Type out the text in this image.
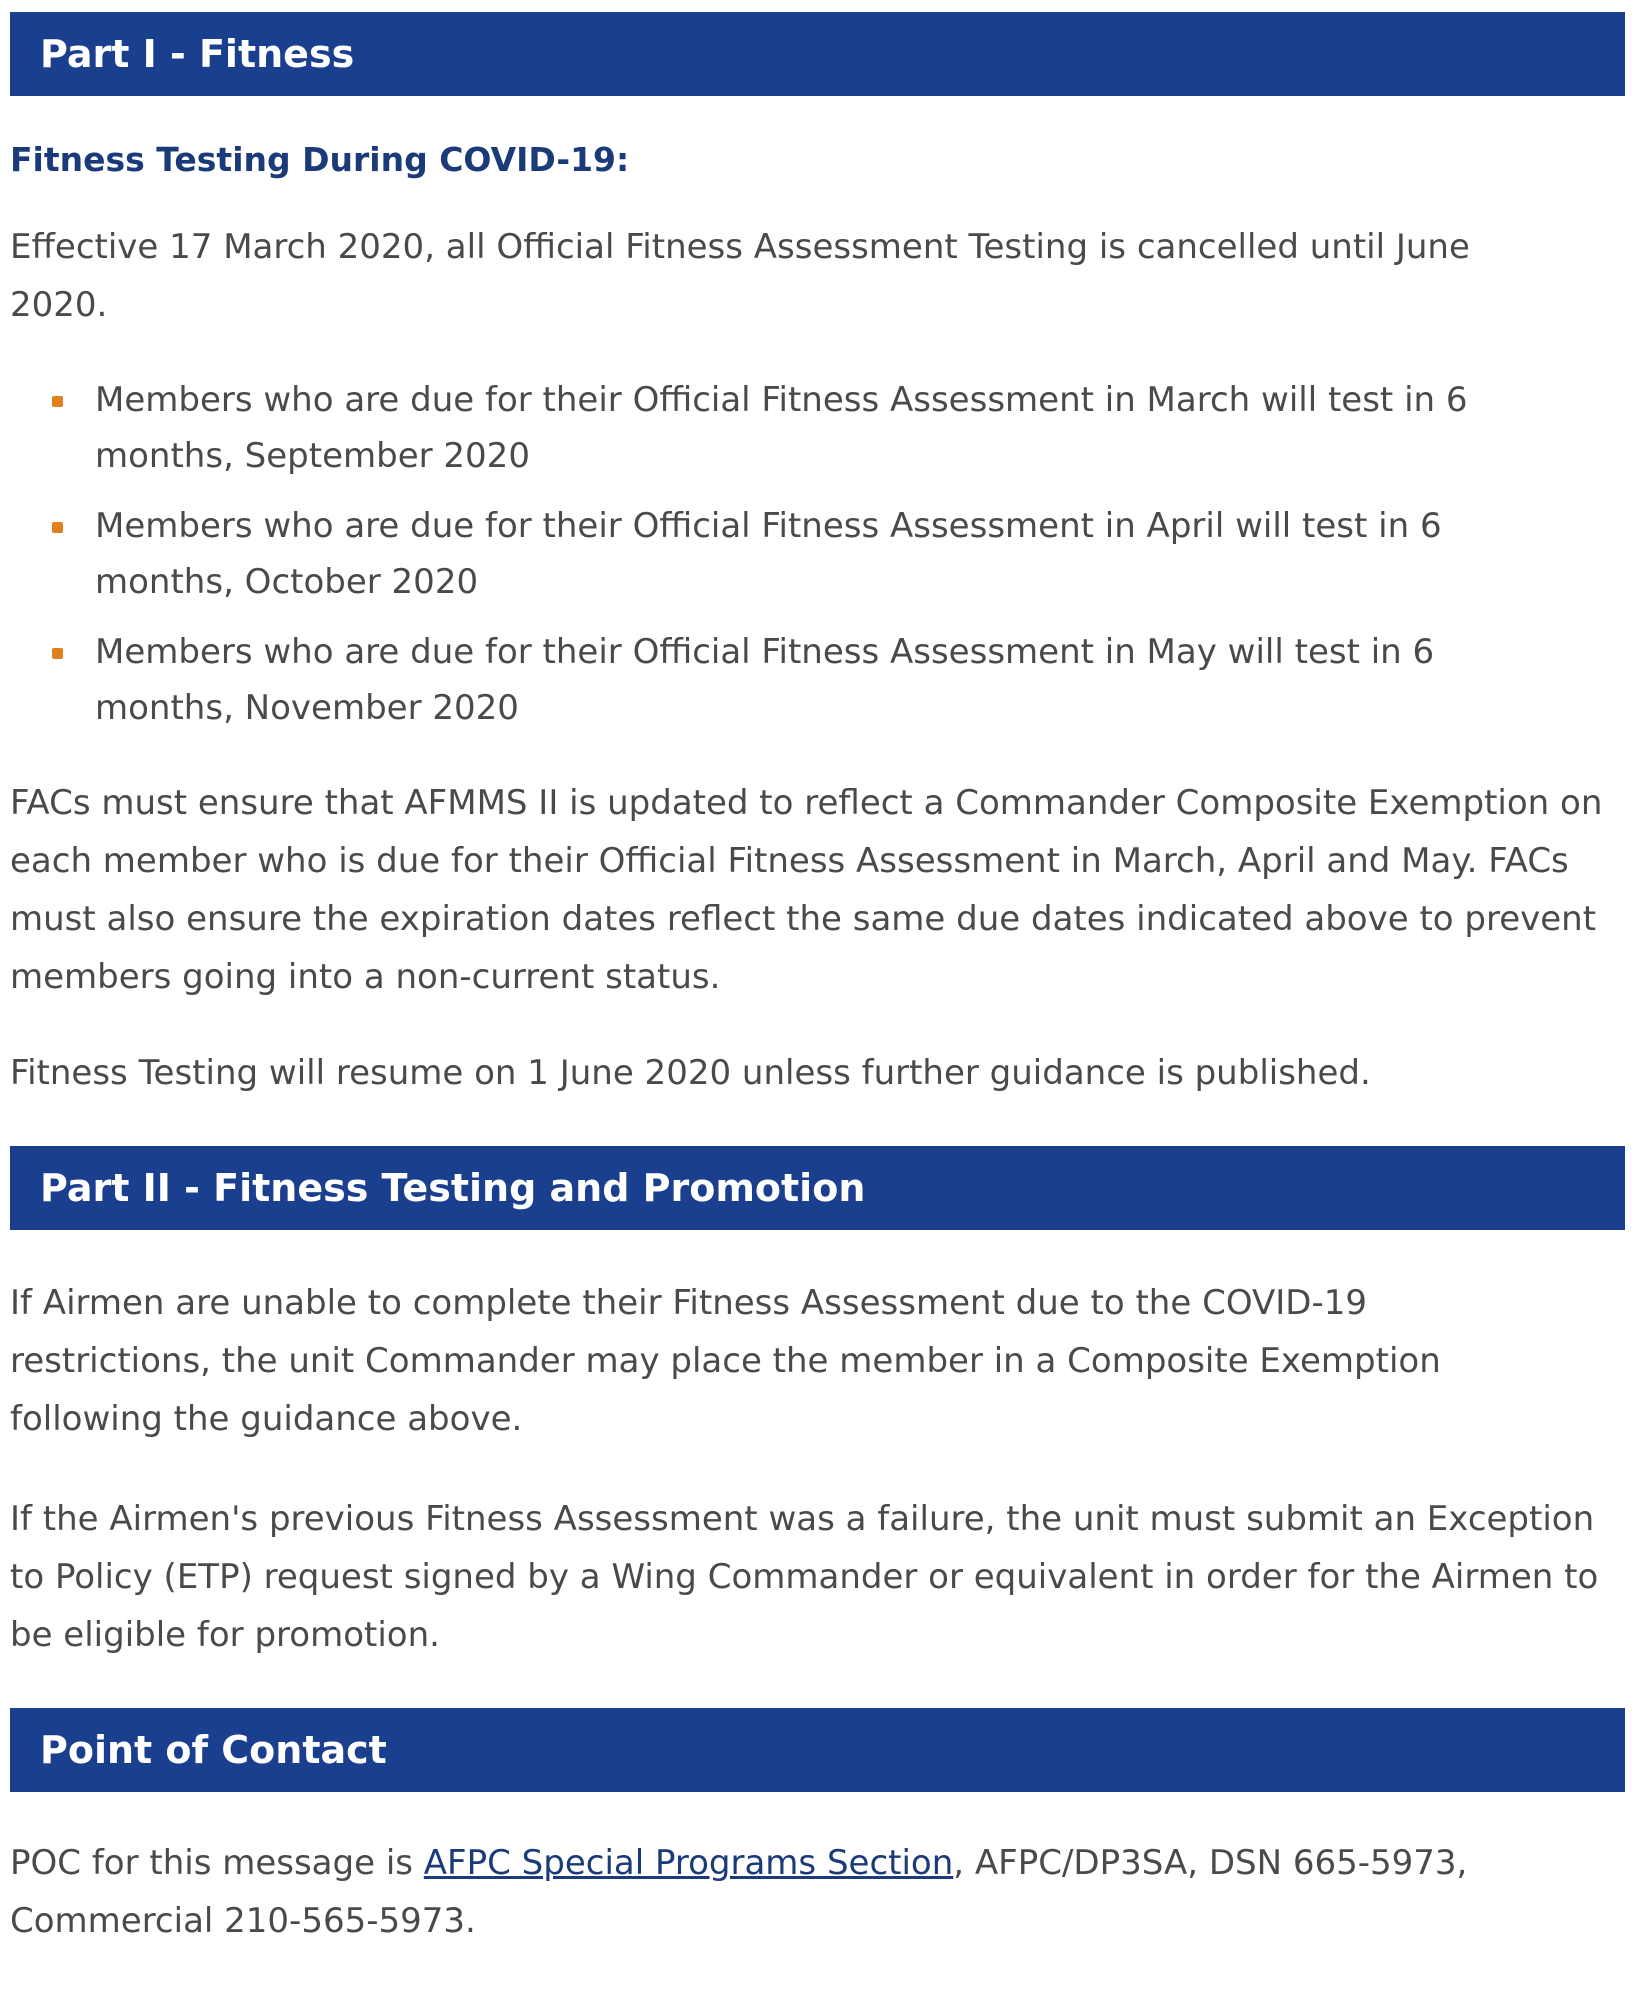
Part I - Fitness
Fitness Testing During COVID-19:

Effective 17 March 2020, all Official Fitness Assessment Testing is cancelled until June 2020.

Members who are due for their Official Fitness Assessment in March will test in 6 months, September 2020
Members who are due for their Official Fitness Assessment in April will test in 6 months, October 2020
Members who are due for their Official Fitness Assessment in May will test in 6 months, November 2020

FACs must ensure that AFMMS II is updated to reflect a Commander Composite Exemption on each member who is due for their Official Fitness Assessment in March, April and May. FACs must also ensure the expiration dates reflect the same due dates indicated above to prevent members going into a non-current status.

Fitness Testing will resume on 1 June 2020 unless further guidance is published.

Part II - Fitness Testing and Promotion

If Airmen are unable to complete their Fitness Assessment due to the COVID-19 restrictions, the unit Commander may place the member in a Composite Exemption following the guidance above.

If the Airmen's previous Fitness Assessment was a failure, the unit must submit an Exception to Policy (ETP) request signed by a Wing Commander or equivalent in order for the Airmen to be eligible for promotion.

Point of Contact

POC for this message is AFPC Special Programs Section, AFPC/DP3SA, DSN 665-5973, Commercial 210-565-5973.
